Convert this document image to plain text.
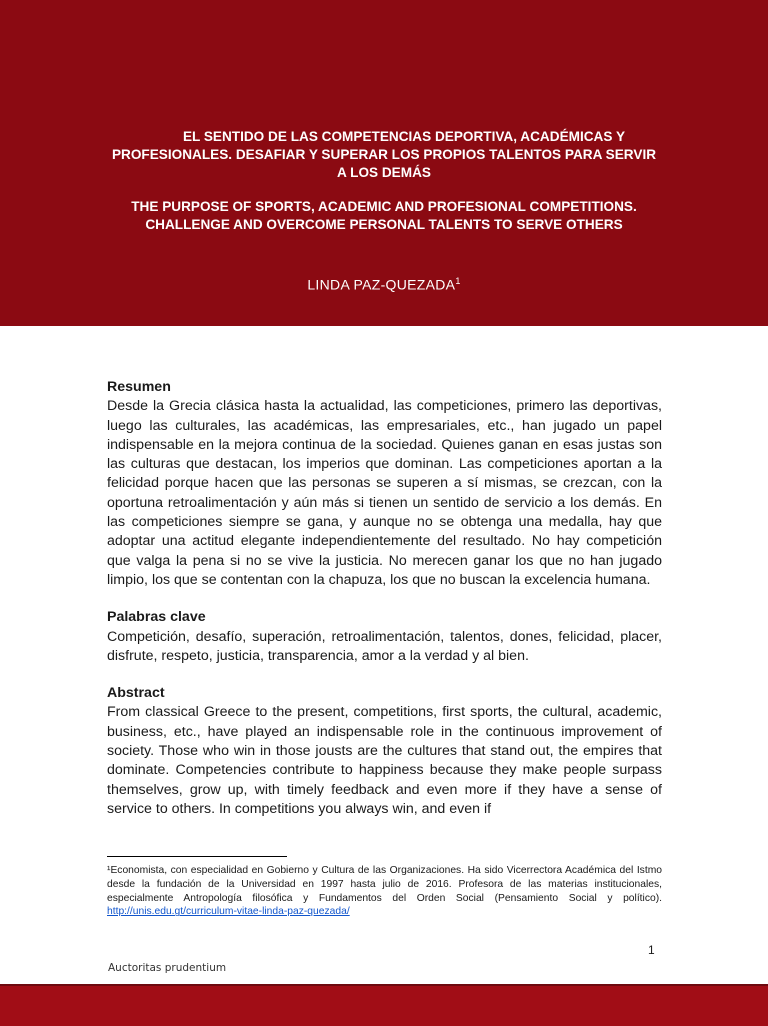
EL SENTIDO DE LAS COMPETENCIAS DEPORTIVA, ACADÉMICAS Y PROFESIONALES. DESAFIAR Y SUPERAR LOS PROPIOS TALENTOS PARA SERVIR A LOS DEMÁS
THE PURPOSE OF SPORTS, ACADEMIC AND PROFESIONAL COMPETITIONS. CHALLENGE AND OVERCOME PERSONAL TALENTS TO SERVE OTHERS
LINDA PAZ-QUEZADA$^1$
Resumen

Desde la Grecia clásica hasta la actualidad, las competiciones, primero las deportivas, luego las culturales, las académicas, las empresariales, etc., han jugado un papel indispensable en la mejora continua de la sociedad. Quienes ganan en esas justas son las culturas que destacan, los imperios que dominan. Las competiciones aportan a la felicidad porque hacen que las personas se superen a sí mismas, se crezcan, con la oportuna retroalimentación y aún más si tienen un sentido de servicio a los demás. En las competiciones siempre se gana, y aunque no se obtenga una medalla, hay que adoptar una actitud elegante independientemente del resultado. No hay competición que valga la pena si no se vive la justicia. No merecen ganar los que no han jugado limpio, los que se contentan con la chapuza, los que no buscan la excelencia humana.

Palabras clave

Competición, desafío, superación, retroalimentación, talentos, dones, felicidad, placer, disfrute, respeto, justicia, transparencia, amor a la verdad y al bien.

Abstract

From classical Greece to the present, competitions, first sports, the cultural, academic, business, etc., have played an indispensable role in the continuous improvement of society. Those who win in those jousts are the cultures that stand out, the empires that dominate. Competencies contribute to happiness because they make people surpass themselves, grow up, with timely feedback and even more if they have a sense of service to others. In competitions you always win, and even if

¹Economista, con especialidad en Gobierno y Cultura de las Organizaciones. Ha sido Vicerrectora Académica del Istmo desde la fundación de la Universidad en 1997 hasta julio de 2016. Profesora de las materias institucionales, especialmente Antropología filosófica y Fundamentos del Orden Social (Pensamiento Social y político). http://unis.edu.gt/curriculum-vitae-linda-paz-quezada/
1
Auctoritas prudentium
